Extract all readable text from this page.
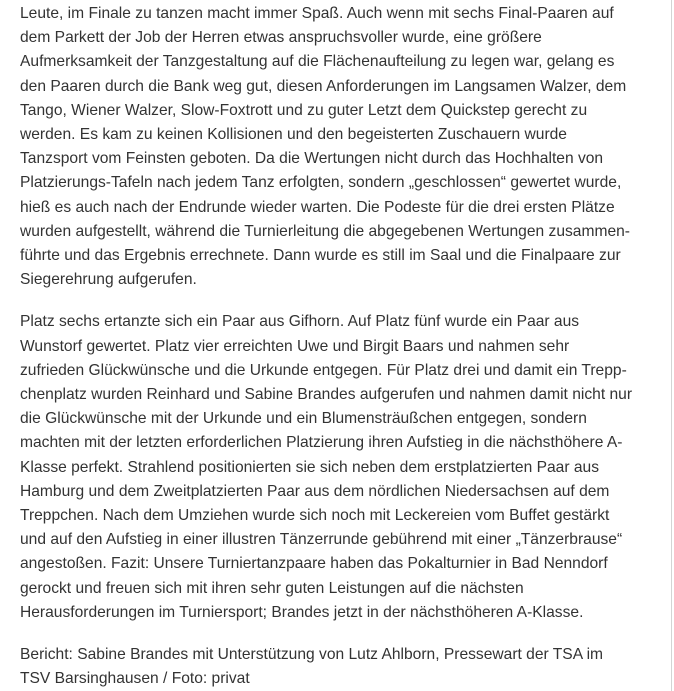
Leute, im Finale zu tanzen macht immer Spaß. Auch wenn mit sechs Final-Paaren auf
dem Parkett der Job der Herren etwas anspruchsvoller wurde, eine größere
Aufmerksamkeit der Tanzgestaltung auf die Flächenaufteilung zu legen war, gelang es
den Paaren durch die Bank weg gut, diesen Anforderungen im Langsamen Walzer, dem
Tango, Wiener Walzer, Slow-Foxtrott und zu guter Letzt dem Quickstep gerecht zu
werden. Es kam zu keinen Kollisionen und den begeisterten Zuschauern wurde
Tanzsport vom Feinsten geboten. Da die Wertungen nicht durch das Hochhalten von
Platzierungs-Tafeln nach jedem Tanz erfolgten, sondern „geschlossen“ gewertet wurde,
hieß es auch nach der Endrunde wieder warten. Die Podeste für die drei ersten Plätze
wurden aufgestellt, während die Turnierleitung die abgegebenen Wertungen zusammen-
führte und das Ergebnis errechnete. Dann wurde es still im Saal und die Finalpaare zur
Siegerehrung aufgerufen.

Platz sechs ertanzte sich ein Paar aus Gifhorn. Auf Platz fünf wurde ein Paar aus
Wunstorf gewertet. Platz vier erreichten Uwe und Birgit Baars und nahmen sehr
zufrieden Glückwünsche und die Urkunde entgegen. Für Platz drei und damit ein Trepp-
chenplatz wurden Reinhard und Sabine Brandes aufgerufen und nahmen damit nicht nur
die Glückwünsche mit der Urkunde und ein Blumensträußchen entgegen, sondern
machten mit der letzten erforderlichen Platzierung ihren Aufstieg in die nächsthöhere A-
Klasse perfekt. Strahlend positionierten sie sich neben dem erstplatzierten Paar aus
Hamburg und dem Zweitplatzierten Paar aus dem nördlichen Niedersachsen auf dem
Treppchen. Nach dem Umziehen wurde sich noch mit Leckereien vom Buffet gestärkt
und auf den Aufstieg in einer illustren Tänzerrunde gebührend mit einer „Tänzerbrause“
angestoßen. Fazit: Unsere Turniertanzpaare haben das Pokalturnier in Bad Nenndorf
gerockt und freuen sich mit ihren sehr guten Leistungen auf die nächsten
Herausforderungen im Turniersport; Brandes jetzt in der nächsthöheren A-Klasse.

Bericht: Sabine Brandes mit Unterstützung von Lutz Ahlborn, Pressewart der TSA im
TSV Barsinghausen / Foto: privat
